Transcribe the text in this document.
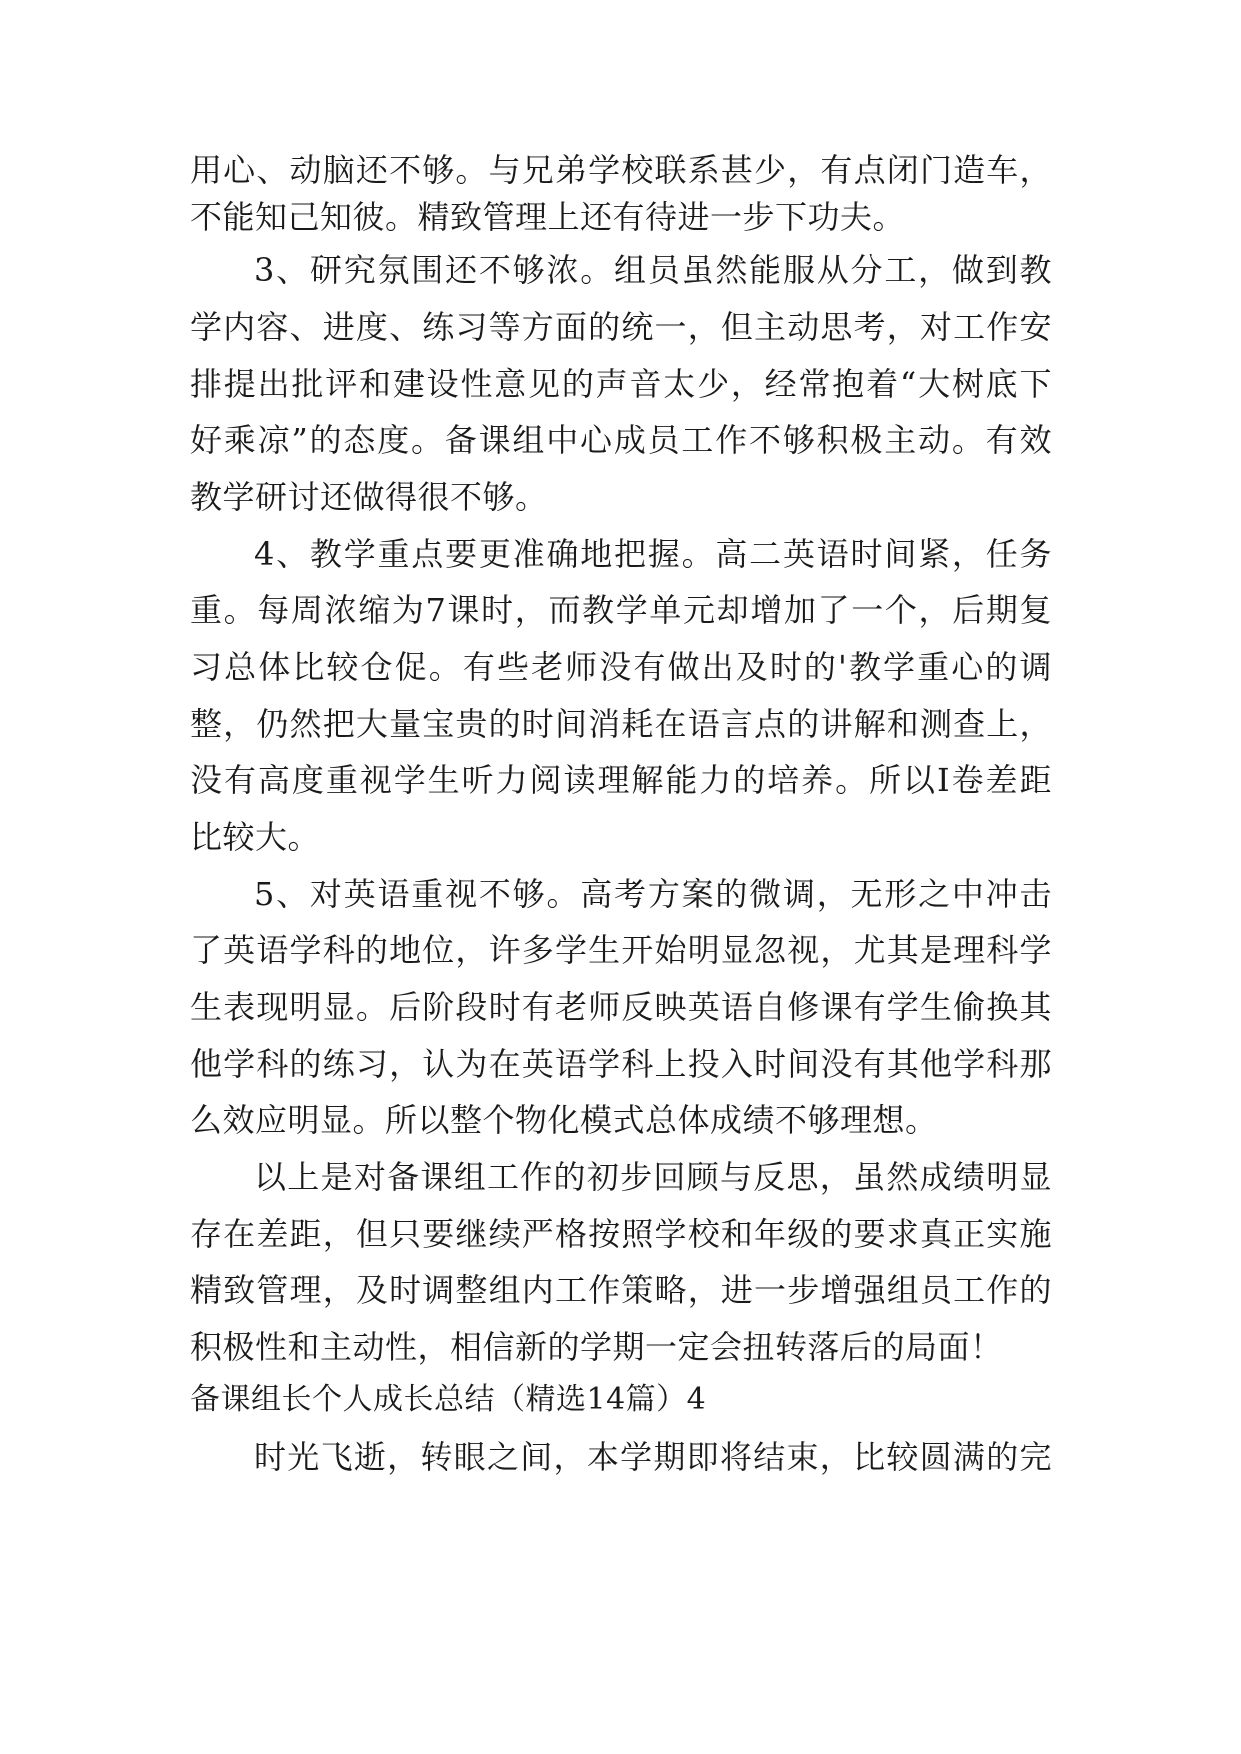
用心、动脑还不够。与兄弟学校联系甚少，有点闭门造车，
不能知己知彼。精致管理上还有待进一步下功夫。
3、研究氛围还不够浓。组员虽然能服从分工，做到教
学内容、进度、练习等方面的统一，但主动思考，对工作安
排提出批评和建设性意见的声音太少，经常抱着“大树底下
好乘凉”的态度。备课组中心成员工作不够积极主动。有效
教学研讨还做得很不够。
4、教学重点要更准确地把握。高二英语时间紧，任务
重。每周浓缩为7课时，而教学单元却增加了一个，后期复
习总体比较仓促。有些老师没有做出及时的'教学重心的调
整，仍然把大量宝贵的时间消耗在语言点的讲解和测查上，
没有高度重视学生听力阅读理解能力的培养。所以I卷差距
比较大。
5、对英语重视不够。高考方案的微调，无形之中冲击
了英语学科的地位，许多学生开始明显忽视，尤其是理科学
生表现明显。后阶段时有老师反映英语自修课有学生偷换其
他学科的练习，认为在英语学科上投入时间没有其他学科那
么效应明显。所以整个物化模式总体成绩不够理想。
以上是对备课组工作的初步回顾与反思，虽然成绩明显
存在差距，但只要继续严格按照学校和年级的要求真正实施
精致管理，及时调整组内工作策略，进一步增强组员工作的
积极性和主动性，相信新的学期一定会扭转落后的局面！
备课组长个人成长总结（精选14篇）4
时光飞逝，转眼之间，本学期即将结束，比较圆满的完
